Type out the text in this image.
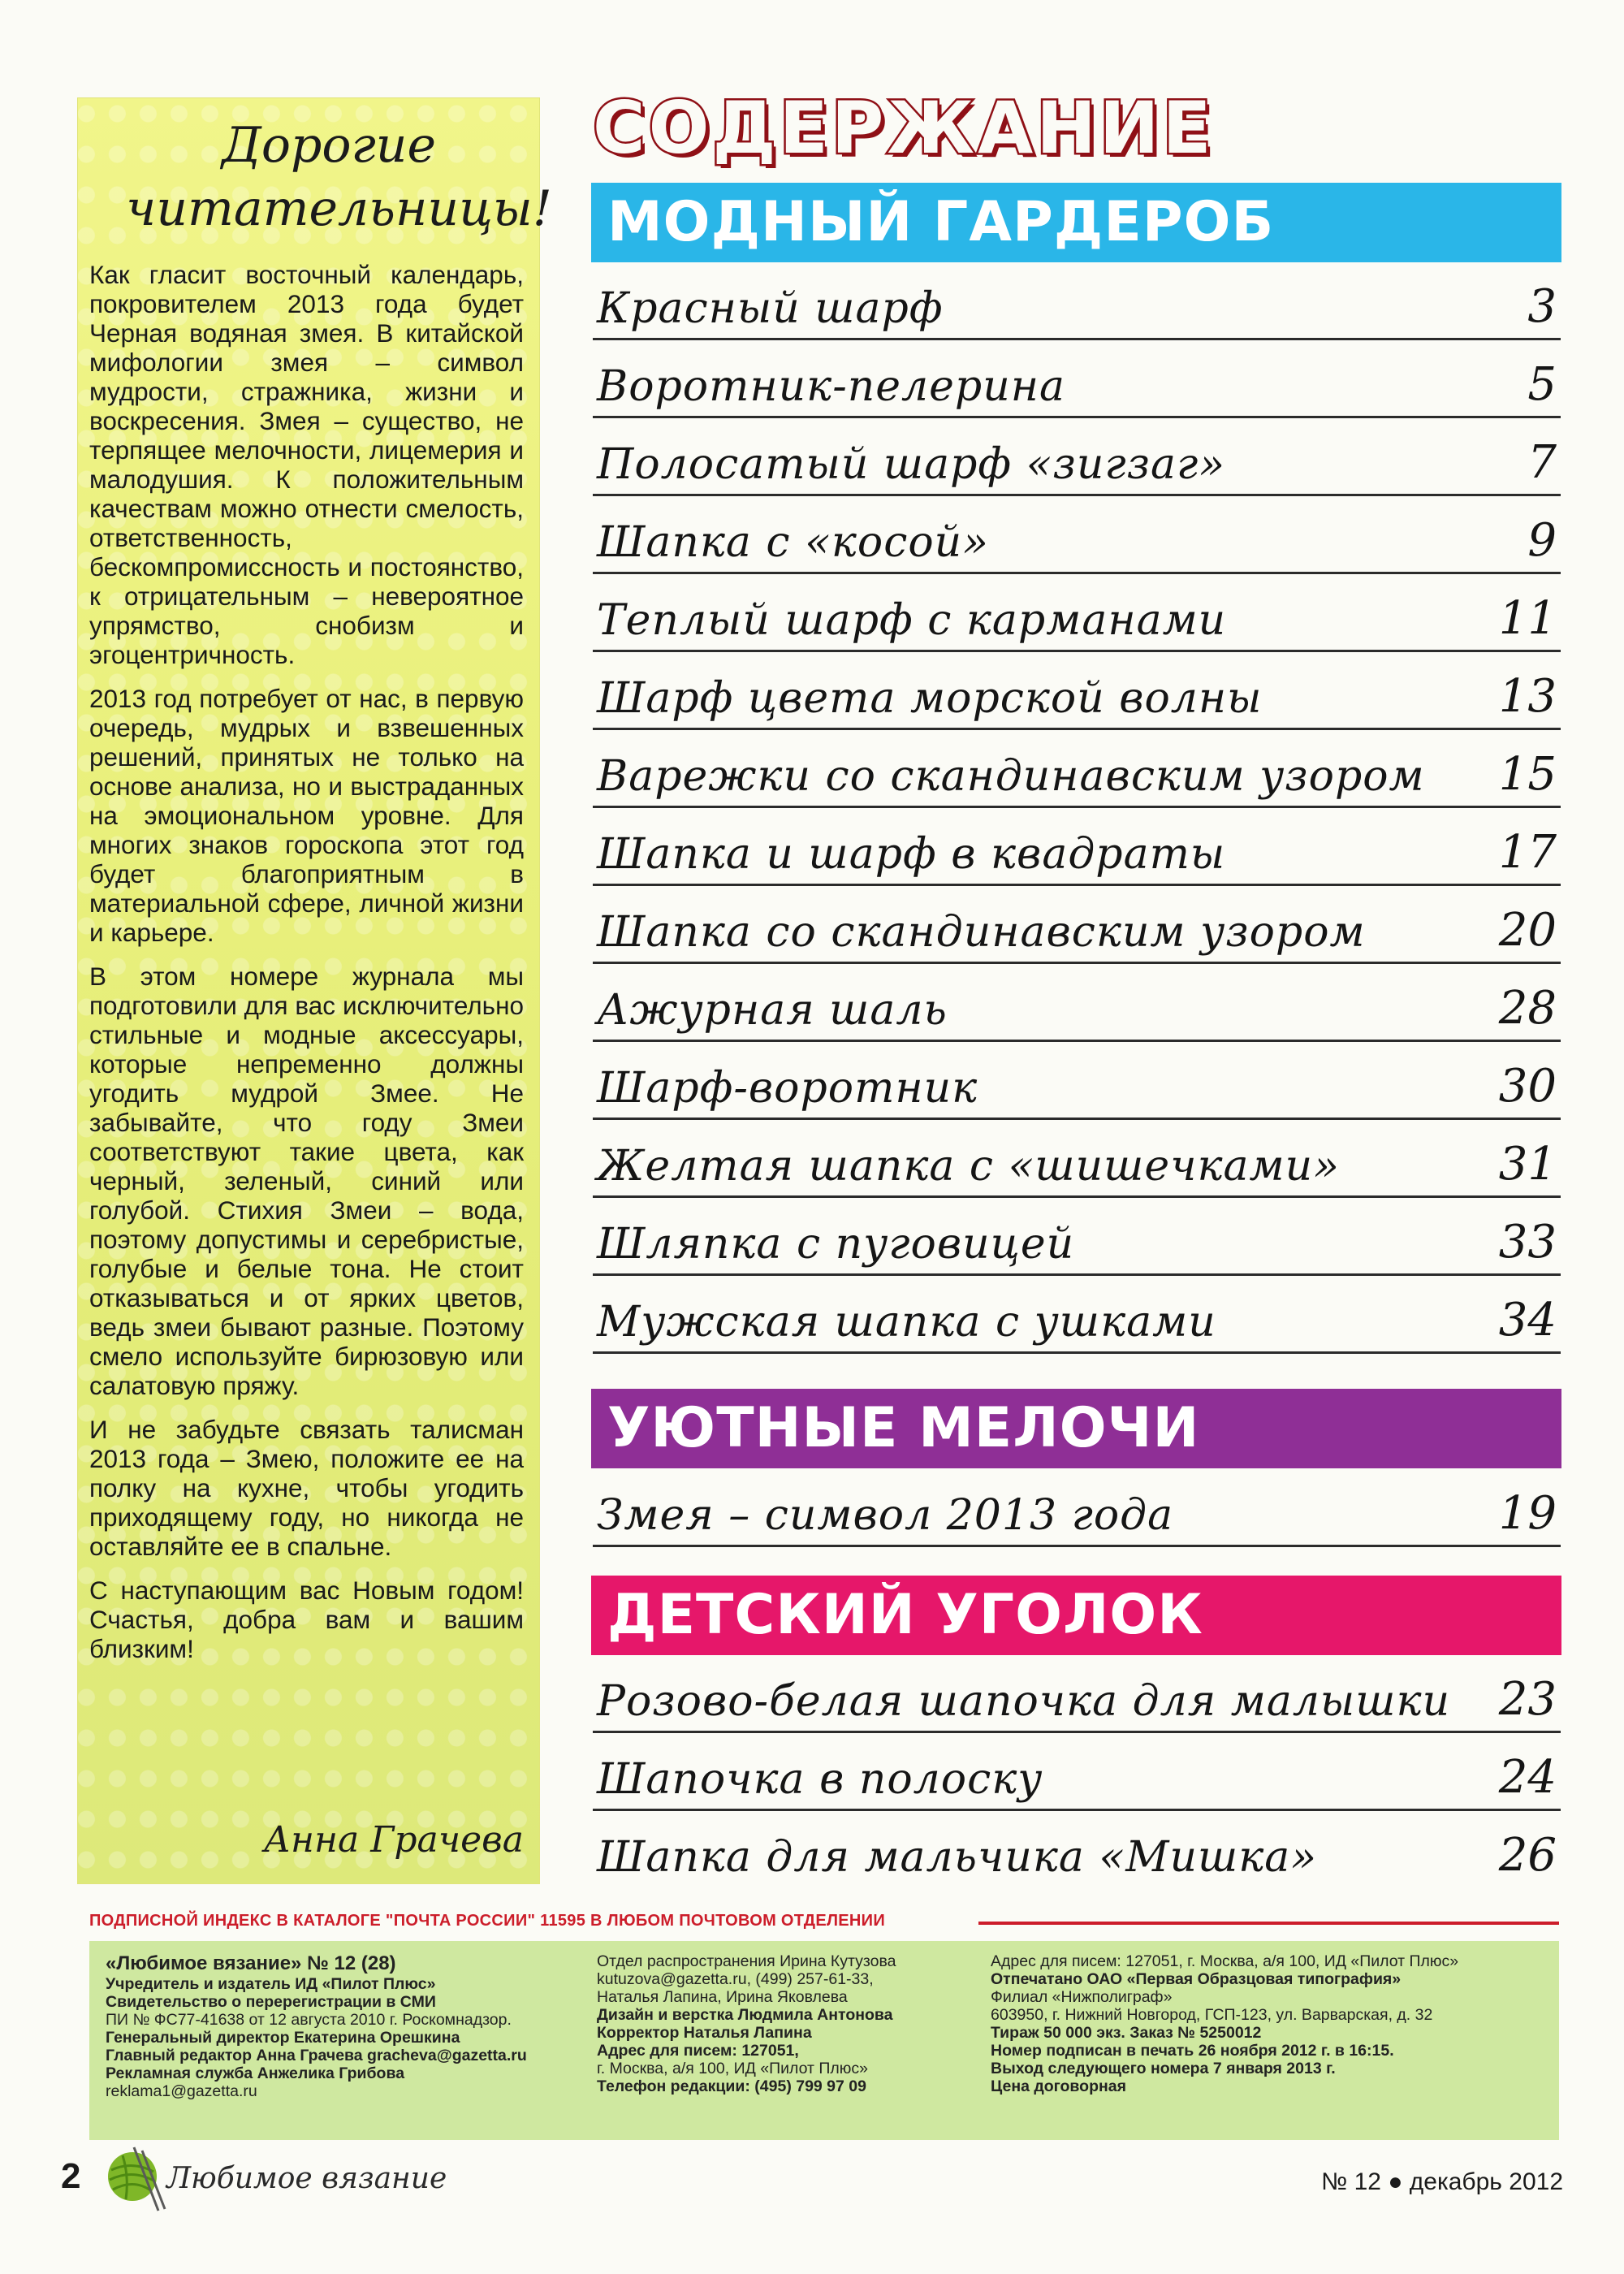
Дорогие
читательницы!

Как гласит восточный календарь, покровителем 2013 года будет Черная водяная змея. В китайской мифологии змея – символ мудрости, стражника, жизни и воскресения. Змея – существо, не терпящее мелочности, лицемерия и малодушия. К положительным качествам можно отнести смелость, ответственность, бескомпромиссность и постоянство, к отрицательным – невероятное упрямство, снобизм и эгоцентричность.

2013 год потребует от нас, в первую очередь, мудрых и взвешенных решений, принятых не только на основе анализа, но и выстраданных на эмоциональном уровне. Для многих знаков гороскопа этот год будет благоприятным в материальной сфере, личной жизни и карьере.

В этом номере журнала мы подготовили для вас исключительно стильные и модные аксессуары, которые непременно должны угодить мудрой Змее. Не забывайте, что году Змеи соответствуют такие цвета, как черный, зеленый, синий или голубой. Стихия Змеи – вода, поэтому допустимы и серебристые, голубые и белые тона. Не стоит отказываться и от ярких цветов, ведь змеи бывают разные. Поэтому смело используйте бирюзовую или салатовую пряжу.

И не забудьте связать талисман 2013 года – Змею, положите ее на полку на кухне, чтобы угодить приходящему году, но никогда не оставляйте ее в спальне.

С наступающим вас Новым годом! Счастья, добра вам и вашим близким!

Анна Грачева
СОДЕРЖАНИЕ
МОДНЫЙ ГАРДЕРОБ
Красный шарф	3
Воротник-пелерина	5
Полосатый шарф «зигзаг»	7
Шапка с «косой»	9
Теплый шарф с карманами	11
Шарф цвета морской волны	13
Варежки со скандинавским узором 15
Шапка и шарф в квадраты	17
Шапка со скандинавским узором	20
Ажурная шаль	28
Шарф-воротник	30
Желтая шапка с «шишечками»	31
Шляпка с пуговицей	33
Мужская шапка с ушками	34
УЮТНЫЕ МЕЛОЧИ
Змея – символ 2013 года	19
ДЕТСКИЙ УГОЛОК
Розово-белая шапочка для малышки 23
Шапочка в полоску	24
Шапка для мальчика «Мишка»	26
ПОДПИСНОЙ ИНДЕКС В КАТАЛОГЕ "ПОЧТА РОССИИ" 11595 В ЛЮБОМ ПОЧТОВОМ ОТДЕЛЕНИИ
«Любимое вязание» № 12 (28)
Учредитель и издатель ИД «Пилот Плюс»
Свидетельство о перерегистрации в СМИ
ПИ № ФС77-41638 от 12 августа 2010 г. Роскомнадзор.
Генеральный директор Екатерина Орешкина
Главный редактор Анна Грачева gracheva@gazetta.ru
Рекламная служба Анжелика Грибова
reklama1@gazetta.ru
Отдел распространения Ирина Кутузова
kutuzova@gazetta.ru, (499) 257-61-33,
Наталья Лапина, Ирина Яковлева
Дизайн и верстка Людмила Антонова
Корректор Наталья Лапина
Адрес для писем: 127051,
г. Москва, а/я 100, ИД «Пилот Плюс»
Телефон редакции: (495) 799 97 09
Адрес для писем: 127051, г. Москва, а/я 100, ИД «Пилот Плюс»
Отпечатано ОАО «Первая Образцовая типография»
Филиал «Нижполиграф»
603950, г. Нижний Новгород, ГСП-123, ул. Варварская, д. 32
Тираж 50 000 экз. Заказ № 5250012
Номер подписан в печать 26 ноября 2012 г. в 16:15.
Выход следующего номера 7 января 2013 г.
Цена договорная
2	Любимое вязание	№ 12 ● декабрь 2012
